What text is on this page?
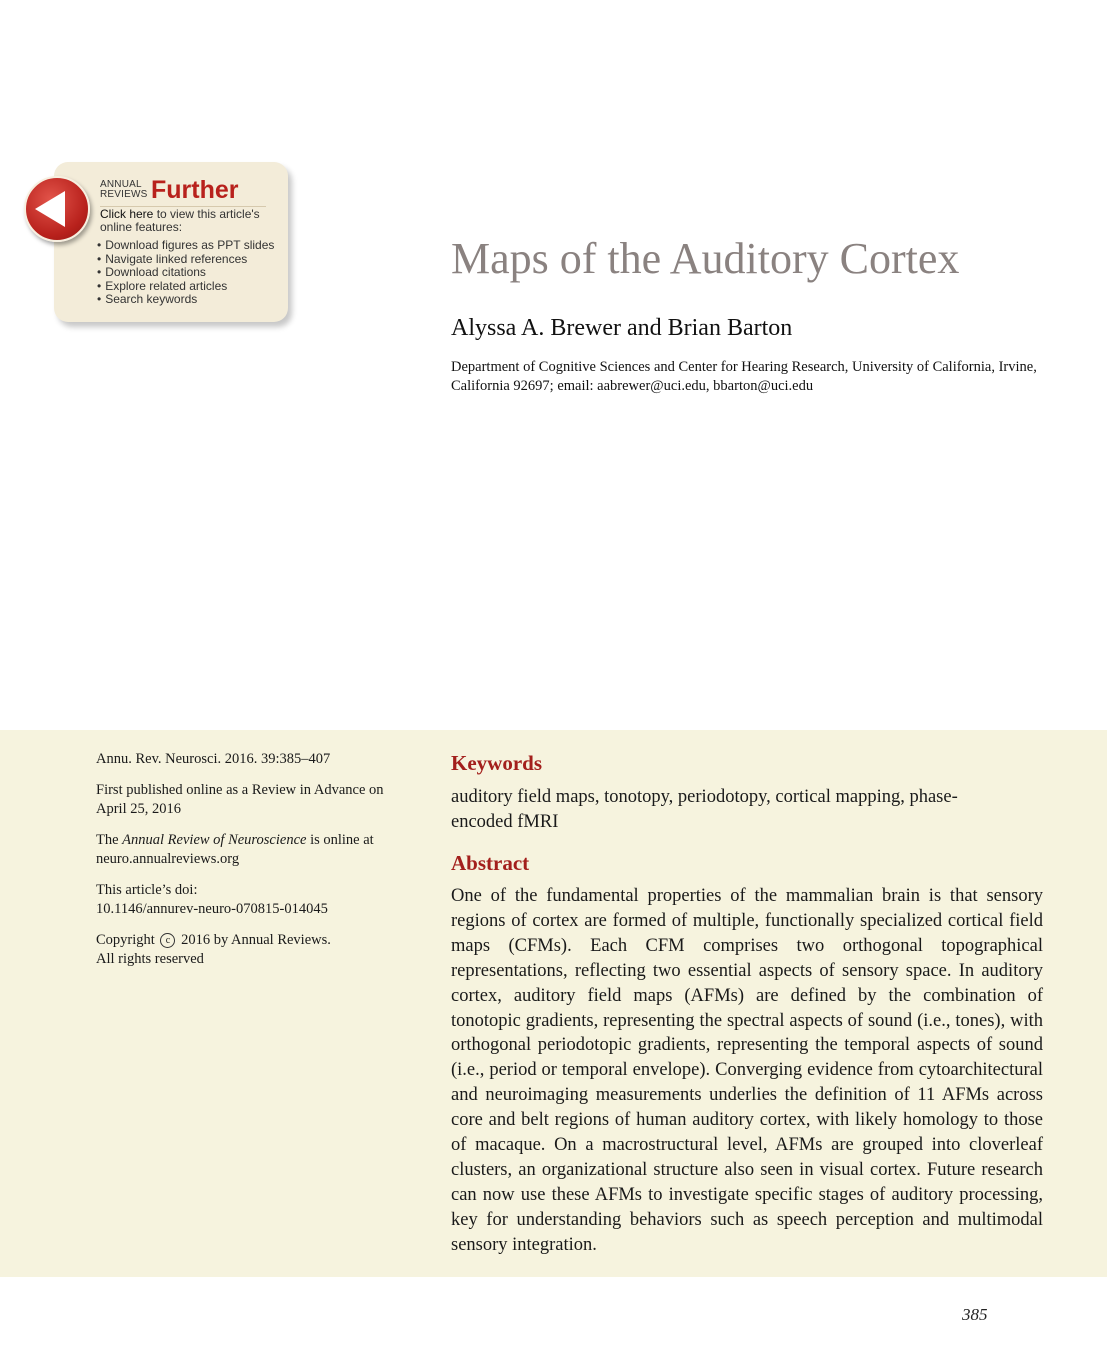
ANNUAL REVIEWS Further
Click here to view this article's online features:
• Download figures as PPT slides
• Navigate linked references
• Download citations
• Explore related articles
• Search keywords
Maps of the Auditory Cortex
Alyssa A. Brewer and Brian Barton
Department of Cognitive Sciences and Center for Hearing Research, University of California, Irvine, California 92697; email: aabrewer@uci.edu, bbarton@uci.edu

Annu. Rev. Neurosci. 2016. 39:385–407

First published online as a Review in Advance on April 25, 2016

The Annual Review of Neuroscience is online at neuro.annualreviews.org

This article’s doi:
10.1146/annurev-neuro-070815-014045

Copyright c 2016 by Annual Reviews.
All rights reserved

Keywords
auditory field maps, tonotopy, periodotopy, cortical mapping, phase-encoded fMRI
Abstract
One of the fundamental properties of the mammalian brain is that sensory regions of cortex are formed of multiple, functionally specialized cortical field maps (CFMs). Each CFM comprises two orthogonal topographical representations, reflecting two essential aspects of sensory space. In auditory cortex, auditory field maps (AFMs) are defined by the combination of tonotopic gradients, representing the spectral aspects of sound (i.e., tones), with orthogonal periodotopic gradients, representing the temporal aspects of sound (i.e., period or temporal envelope). Converging evidence from cytoarchitectural and neuroimaging measurements underlies the definition of 11 AFMs across core and belt regions of human auditory cortex, with likely homology to those of macaque. On a macrostructural level, AFMs are grouped into cloverleaf clusters, an organizational structure also seen in visual cortex. Future research can now use these AFMs to investigate specific stages of auditory processing, key for understanding behaviors such as speech perception and multimodal sensory integration.
385
